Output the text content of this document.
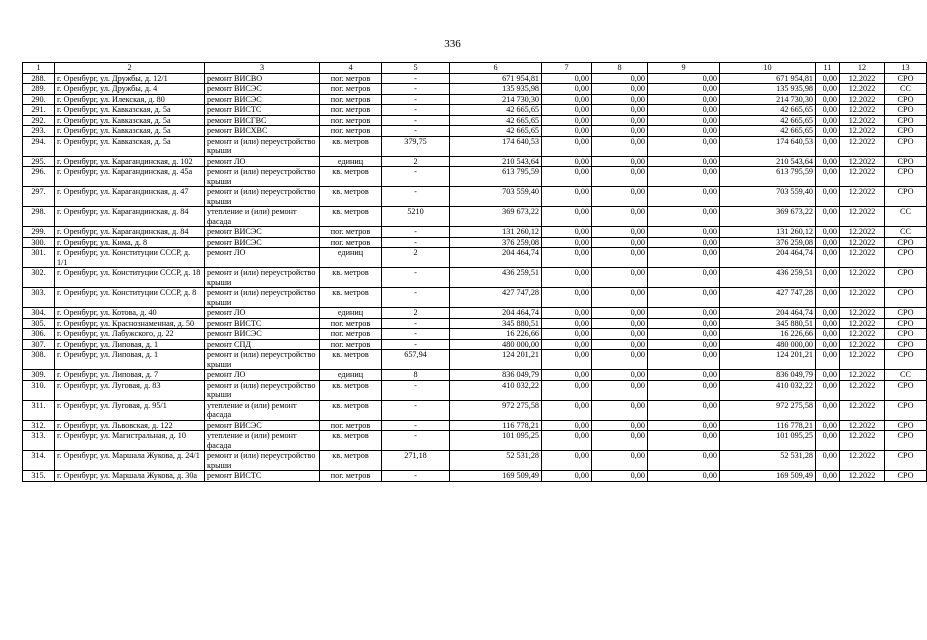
336
1	2	3	4	5	6	7	8	9	10	11	12	13
288.	г. Оренбург, ул. Дружбы, д. 12/1	ремонт ВИСВО	пог. метров	-	671 954,81	0,00	0,00	0,00	671 954,81	0,00	12.2022	СРО
289.	г. Оренбург, ул. Дружбы, д. 4	ремонт ВИСЭС	пог. метров	-	135 935,98	0,00	0,00	0,00	135 935,98	0,00	12.2022	СС
290.	г. Оренбург, ул. Илекская, д. 80	ремонт ВИСЭС	пог. метров	-	214 730,30	0,00	0,00	0,00	214 730,30	0,00	12.2022	СРО
291.	г. Оренбург, ул. Кавказская, д. 5а	ремонт ВИСТС	пог. метров	-	42 665,65	0,00	0,00	0,00	42 665,65	0,00	12.2022	СРО
292.	г. Оренбург, ул. Кавказская, д. 5а	ремонт ВИСГВС	пог. метров	-	42 665,65	0,00	0,00	0,00	42 665,65	0,00	12.2022	СРО
293.	г. Оренбург, ул. Кавказская, д. 5а	ремонт ВИСХВС	пог. метров	-	42 665,65	0,00	0,00	0,00	42 665,65	0,00	12.2022	СРО
294.	г. Оренбург, ул. Кавказская, д. 5а	ремонт и (или) переустройство крыши	кв. метров	379,75	174 640,53	0,00	0,00	0,00	174 640,53	0,00	12.2022	СРО
295.	г. Оренбург, ул. Карагандинская, д. 102	ремонт ЛО	единиц	2	210 543,64	0,00	0,00	0,00	210 543,64	0,00	12.2022	СРО
296.	г. Оренбург, ул. Карагандинская, д. 45а	ремонт и (или) переустройство крыши	кв. метров	-	613 795,59	0,00	0,00	0,00	613 795,59	0,00	12.2022	СРО
297.	г. Оренбург, ул. Карагандинская, д. 47	ремонт и (или) переустройство крыши	кв. метров	-	703 559,40	0,00	0,00	0,00	703 559,40	0,00	12.2022	СРО
298.	г. Оренбург, ул. Карагандинская, д. 84	утепление и (или) ремонт фасада	кв. метров	5210	369 673,22	0,00	0,00	0,00	369 673,22	0,00	12.2022	СС
299.	г. Оренбург, ул. Карагандинская, д. 84	ремонт ВИСЭС	пог. метров	-	131 260,12	0,00	0,00	0,00	131 260,12	0,00	12.2022	СС
300.	г. Оренбург, ул. Кима, д. 8	ремонт ВИСЭС	пог. метров	-	376 259,08	0,00	0,00	0,00	376 259,08	0,00	12.2022	СРО
301.	г. Оренбург, ул. Конституции СССР, д. 1/1	ремонт ЛО	единиц	2	204 464,74	0,00	0,00	0,00	204 464,74	0,00	12.2022	СРО
302.	г. Оренбург, ул. Конституции СССР, д. 18	ремонт и (или) переустройство крыши	кв. метров	-	436 259,51	0,00	0,00	0,00	436 259,51	0,00	12.2022	СРО
303.	г. Оренбург, ул. Конституции СССР, д. 8	ремонт и (или) переустройство крыши	кв. метров	-	427 747,28	0,00	0,00	0,00	427 747,28	0,00	12.2022	СРО
304.	г. Оренбург, ул. Котова, д. 40	ремонт ЛО	единиц	2	204 464,74	0,00	0,00	0,00	204 464,74	0,00	12.2022	СРО
305.	г. Оренбург, ул. Краснознаменная, д. 50	ремонт ВИСТС	пог. метров	-	345 880,51	0,00	0,00	0,00	345 880,51	0,00	12.2022	СРО
306.	г. Оренбург, ул. Лабужского, д. 22	ремонт ВИСЭС	пог. метров	-	16 226,66	0,00	0,00	0,00	16 226,66	0,00	12.2022	СРО
307.	г. Оренбург, ул. Липовая, д. 1	ремонт СПД	пог. метров	-	480 000,00	0,00	0,00	0,00	480 000,00	0,00	12.2022	СРО
308.	г. Оренбург, ул. Липовая, д. 1	ремонт и (или) переустройство крыши	кв. метров	657,94	124 201,21	0,00	0,00	0,00	124 201,21	0,00	12.2022	СРО
309.	г. Оренбург, ул. Липовая, д. 7	ремонт ЛО	единиц	8	836 049,79	0,00	0,00	0,00	836 049,79	0,00	12.2022	СС
310.	г. Оренбург, ул. Луговая, д. 83	ремонт и (или) переустройство крыши	кв. метров	-	410 032,22	0,00	0,00	0,00	410 032,22	0,00	12.2022	СРО
311.	г. Оренбург, ул. Луговая, д. 95/1	утепление и (или) ремонт фасада	кв. метров	-	972 275,58	0,00	0,00	0,00	972 275,58	0,00	12.2022	СРО
312.	г. Оренбург, ул. Львовская, д. 122	ремонт ВИСЭС	пог. метров	-	116 778,21	0,00	0,00	0,00	116 778,21	0,00	12.2022	СРО
313.	г. Оренбург, ул. Магистральная, д. 10	утепление и (или) ремонт фасада	кв. метров	-	101 095,25	0,00	0,00	0,00	101 095,25	0,00	12.2022	СРО
314.	г. Оренбург, ул. Маршала Жукова, д. 24/1	ремонт и (или) переустройство крыши	кв. метров	271,18	52 531,28	0,00	0,00	0,00	52 531,28	0,00	12.2022	СРО
315.	г. Оренбург, ул. Маршала Жукова, д. 30а	ремонт ВИСТС	пог. метров	-	169 509,49	0,00	0,00	0,00	169 509,49	0,00	12.2022	СРО
